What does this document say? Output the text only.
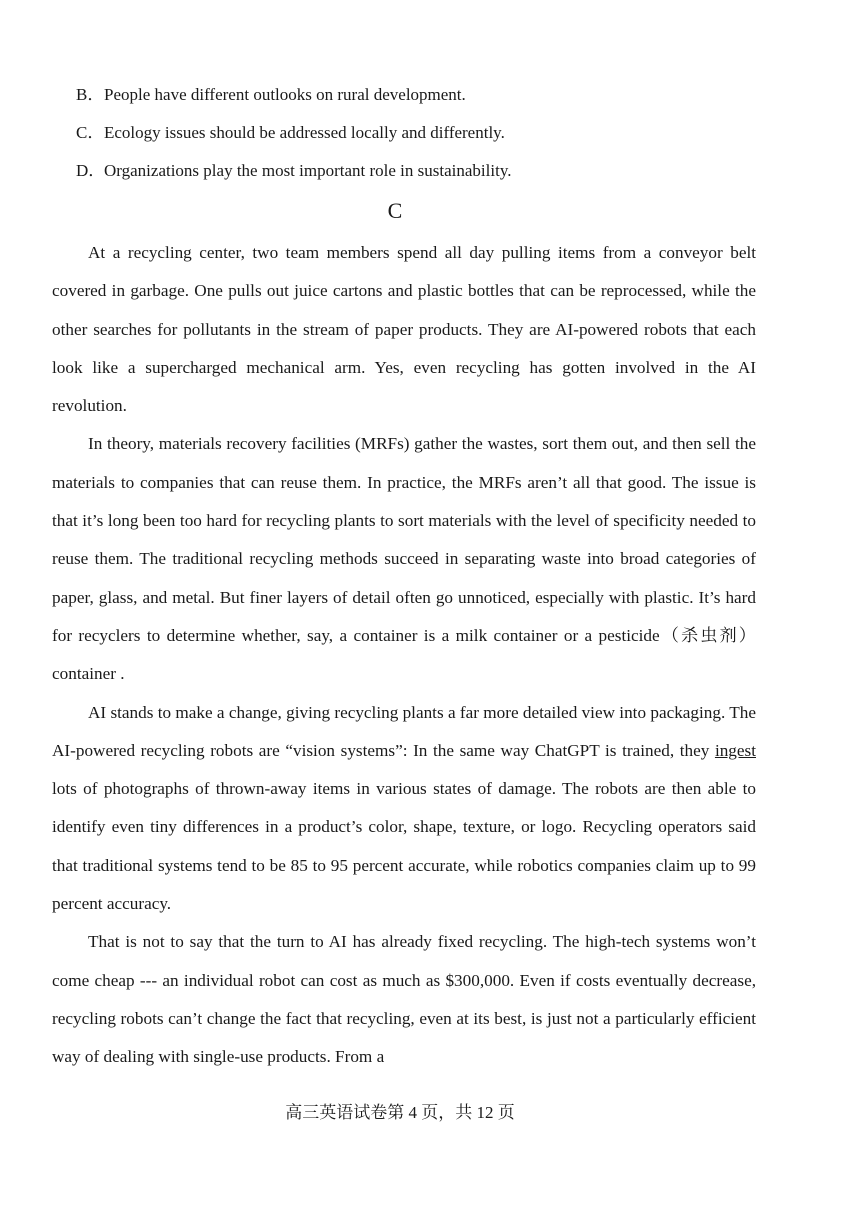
B．People have different outlooks on rural development.
C．Ecology issues should be addressed locally and differently.
D．Organizations play the most important role in sustainability.
C

At a recycling center, two team members spend all day pulling items from a conveyor belt covered in garbage. One pulls out juice cartons and plastic bottles that can be reprocessed, while the other searches for pollutants in the stream of paper products. They are AI-powered robots that each look like a supercharged mechanical arm. Yes, even recycling has gotten involved in the AI revolution.

In theory, materials recovery facilities (MRFs) gather the wastes, sort them out, and then sell the materials to companies that can reuse them. In practice, the MRFs aren’t all that good. The issue is that it’s long been too hard for recycling plants to sort materials with the level of specificity needed to reuse them. The traditional recycling methods succeed in separating waste into broad categories of paper, glass, and metal. But finer layers of detail often go unnoticed, especially with plastic. It’s hard for recyclers to determine whether, say, a container is a milk container or a pesticide（杀虫剂）container .

AI stands to make a change, giving recycling plants a far more detailed view into packaging. The AI-powered recycling robots are “vision systems”: In the same way ChatGPT is trained, they ingest lots of photographs of thrown-away items in various states of damage. The robots are then able to identify even tiny differences in a product’s color, shape, texture, or logo. Recycling operators said that traditional systems tend to be 85 to 95 percent accurate, while robotics companies claim up to 99 percent accuracy.

That is not to say that the turn to AI has already fixed recycling. The high-tech systems won’t come cheap --- an individual robot can cost as much as $300,000. Even if costs eventually decrease, recycling robots can’t change the fact that recycling, even at its best, is just not a particularly efficient way of dealing with single-use products. From a

高三英语试卷第 4 页，共 12 页
